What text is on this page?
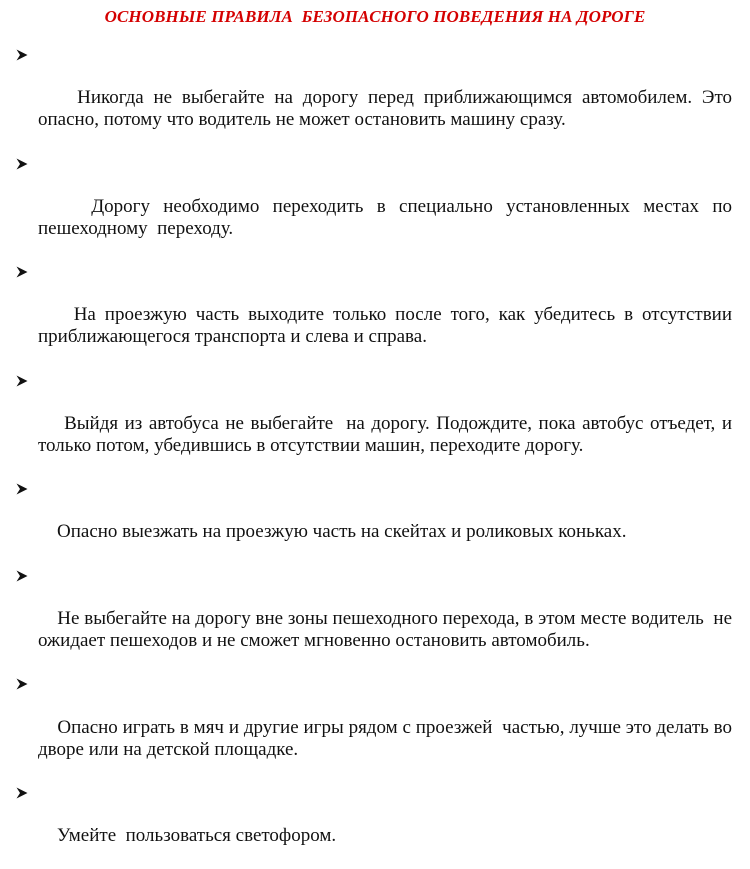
ОСНОВНЫЕ ПРАВИЛА  БЕЗОПАСНОГО ПОВЕДЕНИЯ НА ДОРОГЕ

Никогда не выбегайте на дорогу перед приближающимся автомобилем. Это опасно, потому что водитель не может остановить машину сразу.

Дорогу необходимо переходить в специально установленных местах по пешеходному  переходу.

На проезжую часть выходите только после того, как убедитесь в отсутствии приближающегося транспорта и слева и справа.

Выйдя из автобуса не выбегайте  на дорогу. Подождите, пока автобус отъедет, и только потом, убедившись в отсутствии машин, переходите дорогу.

Опасно выезжать на проезжую часть на скейтах и роликовых коньках.

Не выбегайте на дорогу вне зоны пешеходного перехода, в этом месте водитель  не ожидает пешеходов и не сможет мгновенно остановить автомобиль.

Опасно играть в мяч и другие игры рядом с проезжей  частью, лучше это делать во дворе или на детской площадке.

Умейте  пользоваться светофором.
